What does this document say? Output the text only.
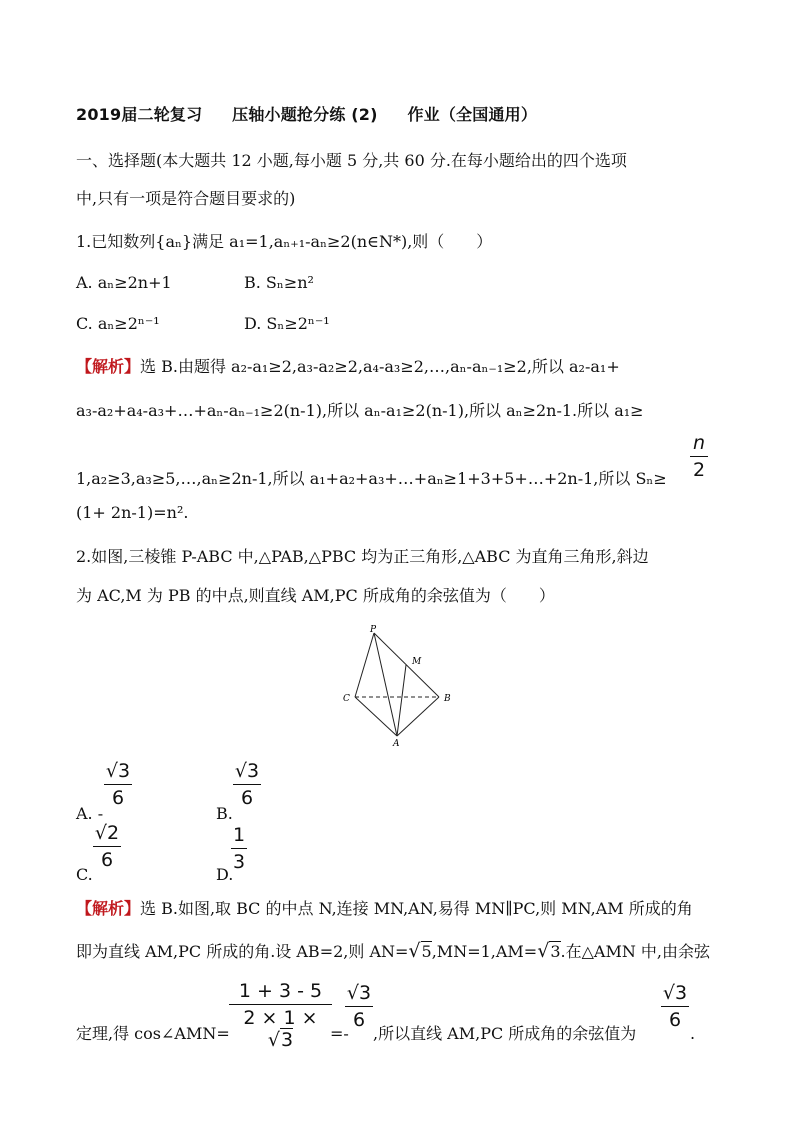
2019届二轮复习 压轴小题抢分练 (2) 作业（全国通用）
一、选择题(本大题共 12 小题,每小题 5 分,共 60 分.在每小题给出的四个选项
中,只有一项是符合题目要求的)
1.已知数列{aₙ}满足 a₁=1,aₙ₊₁-aₙ≥2(n∈N*),则（　　）
A. aₙ≥2n+1	B. Sₙ≥n²
C. aₙ≥2ⁿ⁻¹	D. Sₙ≥2ⁿ⁻¹
【解析】选 B.由题得 a₂-a₁≥2,a₃-a₂≥2,a₄-a₃≥2,…,aₙ-aₙ₋₁≥2,所以 a₂-a₁+
a₃-a₂+a₄-a₃+…+aₙ-aₙ₋₁≥2(n-1),所以 aₙ-a₁≥2(n-1),所以 aₙ≥2n-1.所以 a₁≥
1,a₂≥3,a₃≥5,…,aₙ≥2n-1,所以 a₁+a₂+a₃+…+aₙ≥1+3+5+…+2n-1,所以 Sₙ≥
n
2
(1+ 2n-1)=n².
2.如图,三棱锥 P-ABC 中,△PAB,△PBC 均为正三角形,△ABC 为直角三角形,斜边
为 AC,M 为 PB 的中点,则直线 AM,PC 所成角的余弦值为（　　）
P
M
C	B
A
A. -
√3
6
B.
√3
6
C.
√2
6
D.
1
3
【解析】选 B.如图,取 BC 的中点 N,连接 MN,AN,易得 MN∥PC,则 MN,AM 所成的角
即为直线 AM,PC 所成的角.设 AB=2,则 AN=√5,MN=1,AM=√3.在△AMN 中,由余弦
定理,得 cos∠AMN=
1 + 3 - 5
2 × 1 × √3	=-
√3
6
,所以直线 AM,PC 所成角的余弦值为
√3
6
.
